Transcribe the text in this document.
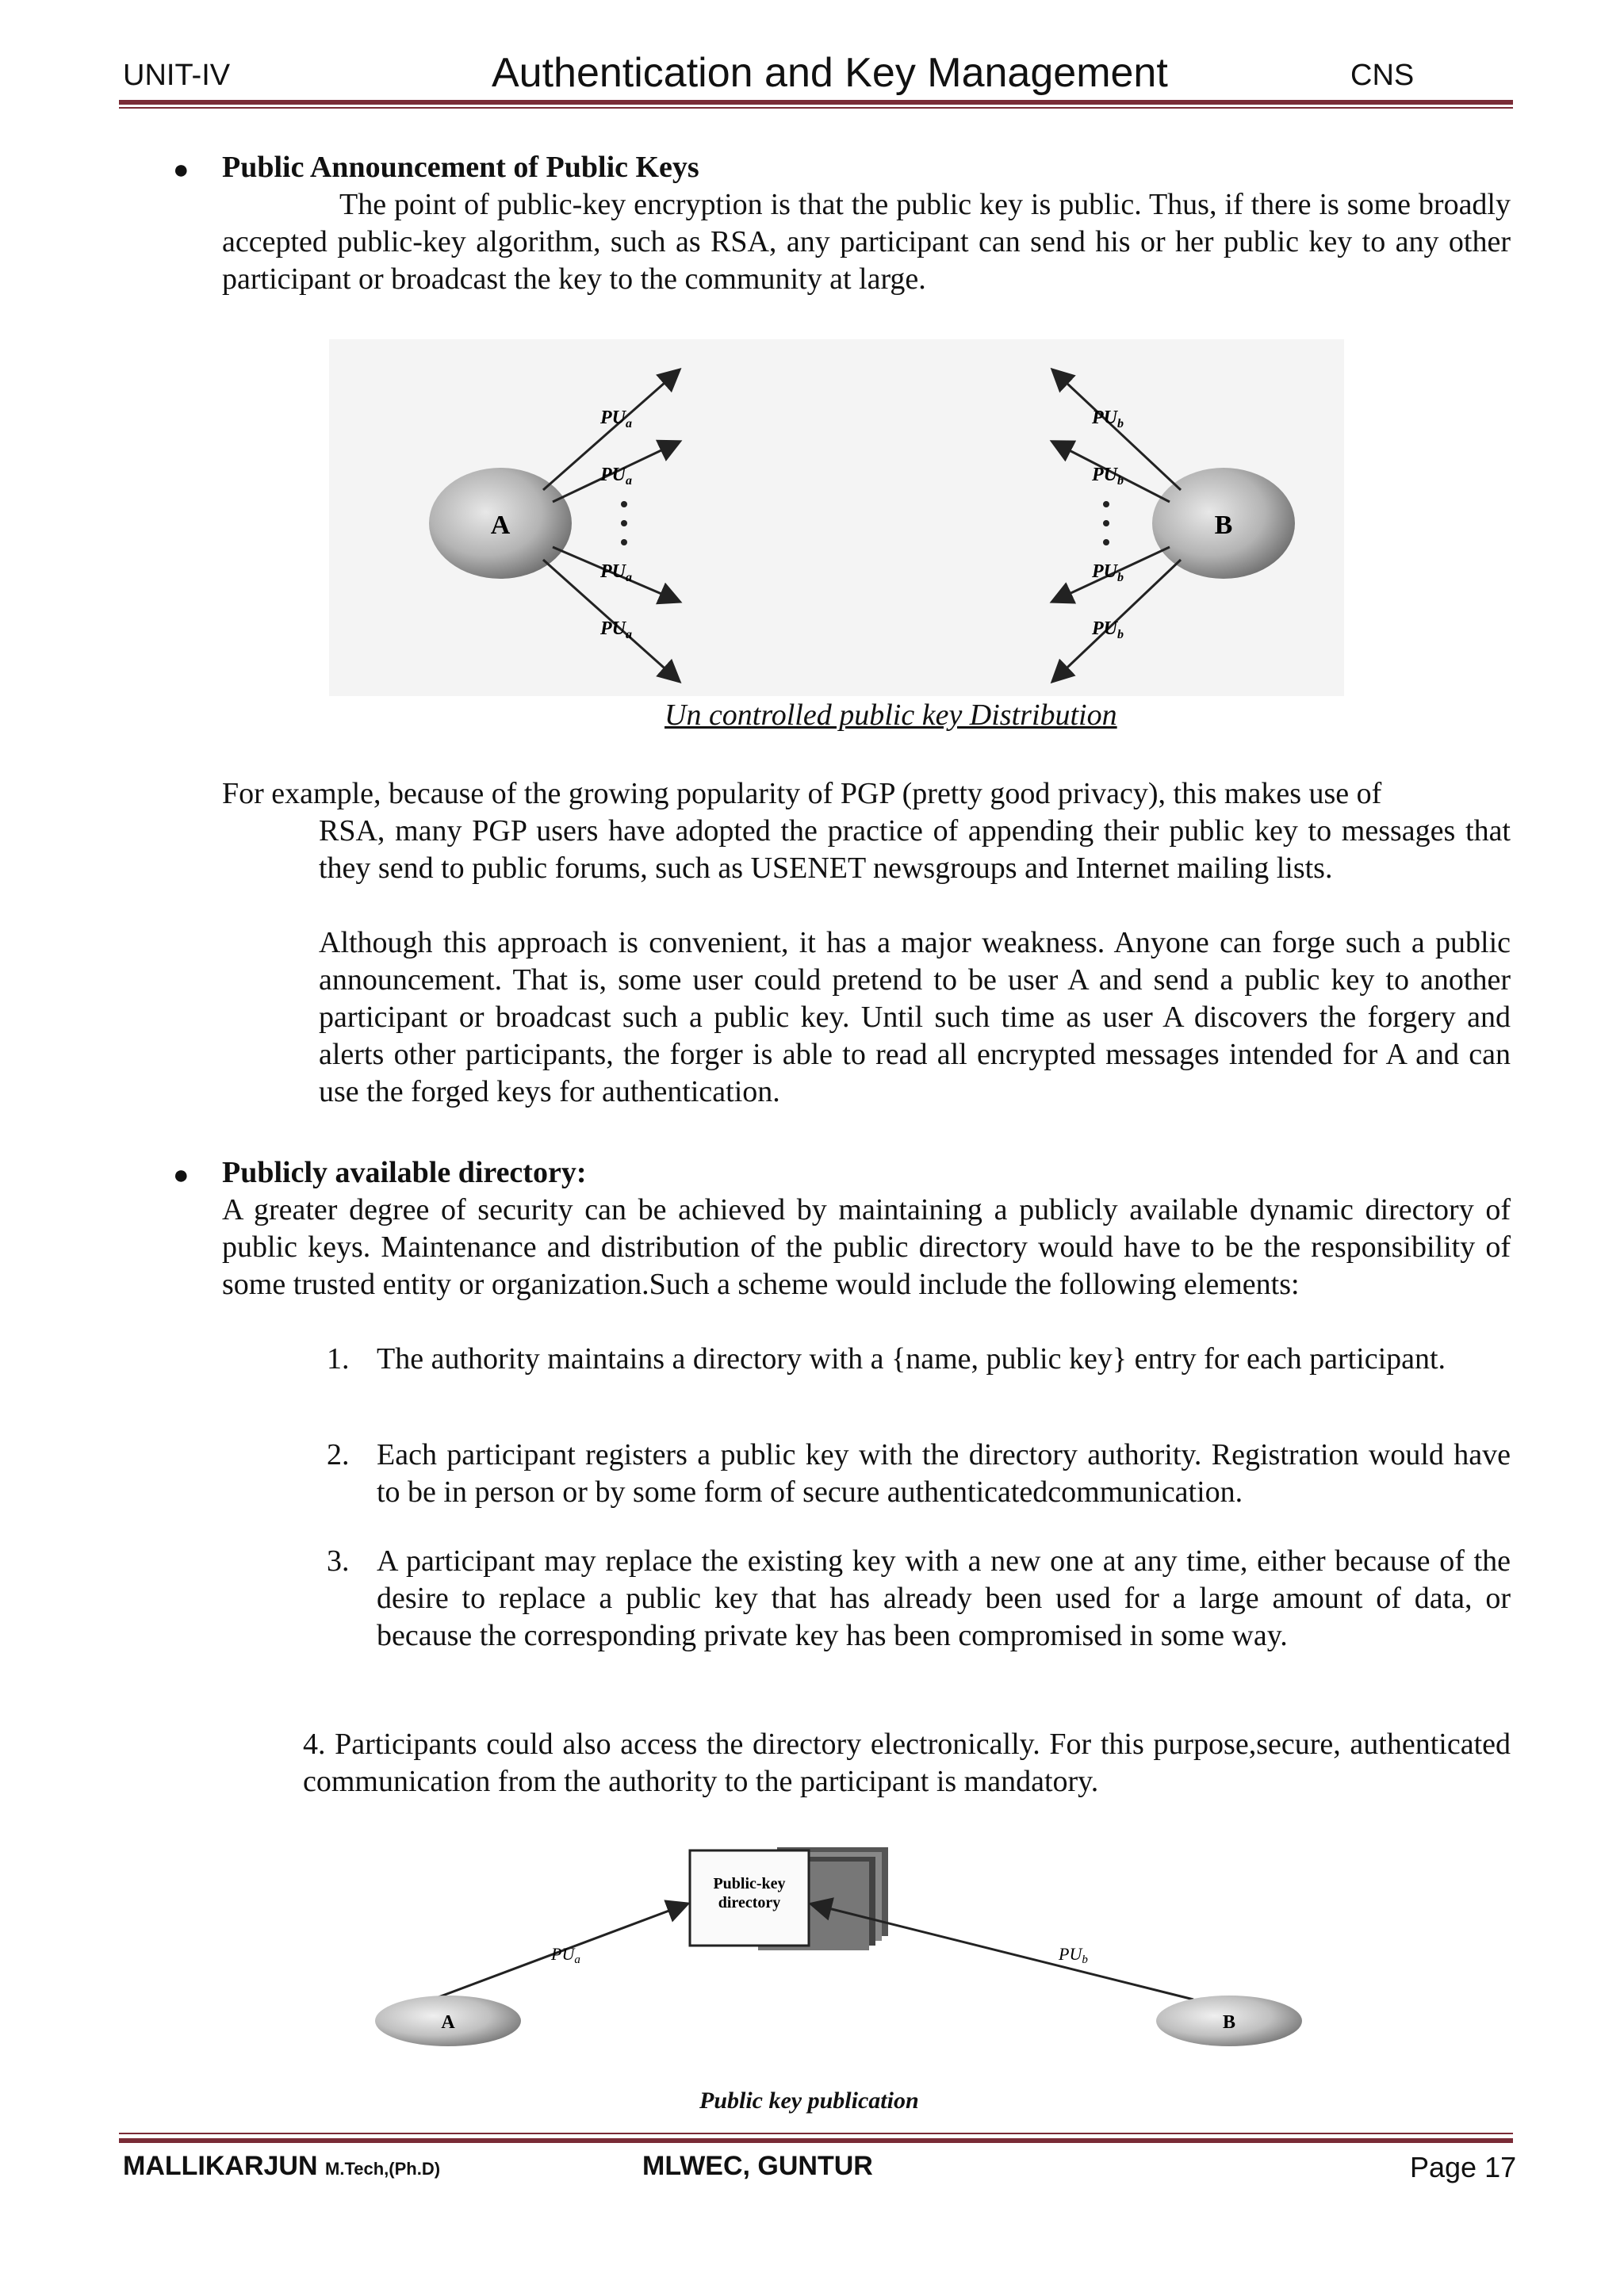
UNIT-IV	Authentication and Key Management	CNS
● Public Announcement of Public Keys
The point of public-key encryption is that the public key is public. Thus, if there is some broadly accepted public-key algorithm, such as RSA, any participant can send his or her public key to any other participant or broadcast the key to the community at large.
A
$PU_a$
$PU_a$
$PU_a$
$PU_a$
B
$PU_b$
$PU_b$
$PU_b$
$PU_b$
Un controlled public key Distribution
For example, because of the growing popularity of PGP (pretty good privacy), this makes use of
RSA, many PGP users have adopted the practice of appending their public key to messages that they send to public forums, such as USENET newsgroups and Internet mailing lists.
Although this approach is convenient, it has a major weakness. Anyone can forge such a public announcement. That is, some user could pretend to be user A and send a public key to another participant or broadcast such a public key. Until such time as user A discovers the forgery and alerts other participants, the forger is able to read all encrypted messages intended for A and can use the forged keys for authentication.
● Publicly available directory:
A greater degree of security can be achieved by maintaining a publicly available dynamic directory of public keys. Maintenance and distribution of the public directory would have to be the responsibility of some trusted entity or organization.Such a scheme would include the following elements:
1. The authority maintains a directory with a {name, public key} entry for each participant.
2. Each participant registers a public key with the directory authority. Registration would have to be in person or by some form of secure authenticatedcommunication.
3. A participant may replace the existing key with a new one at any time, either because of the desire to replace a public key that has already been used for a large amount of data, or because the corresponding private key has been compromised in some way.
4. Participants could also access the directory electronically. For this purpose,secure, authenticated communication from the authority to the participant is mandatory.
Public-key
directory
PUa	PUb
A	B
Public key publication
MALLIKARJUN M.Tech,(Ph.D)	MLWEC, GUNTUR	Page 17
